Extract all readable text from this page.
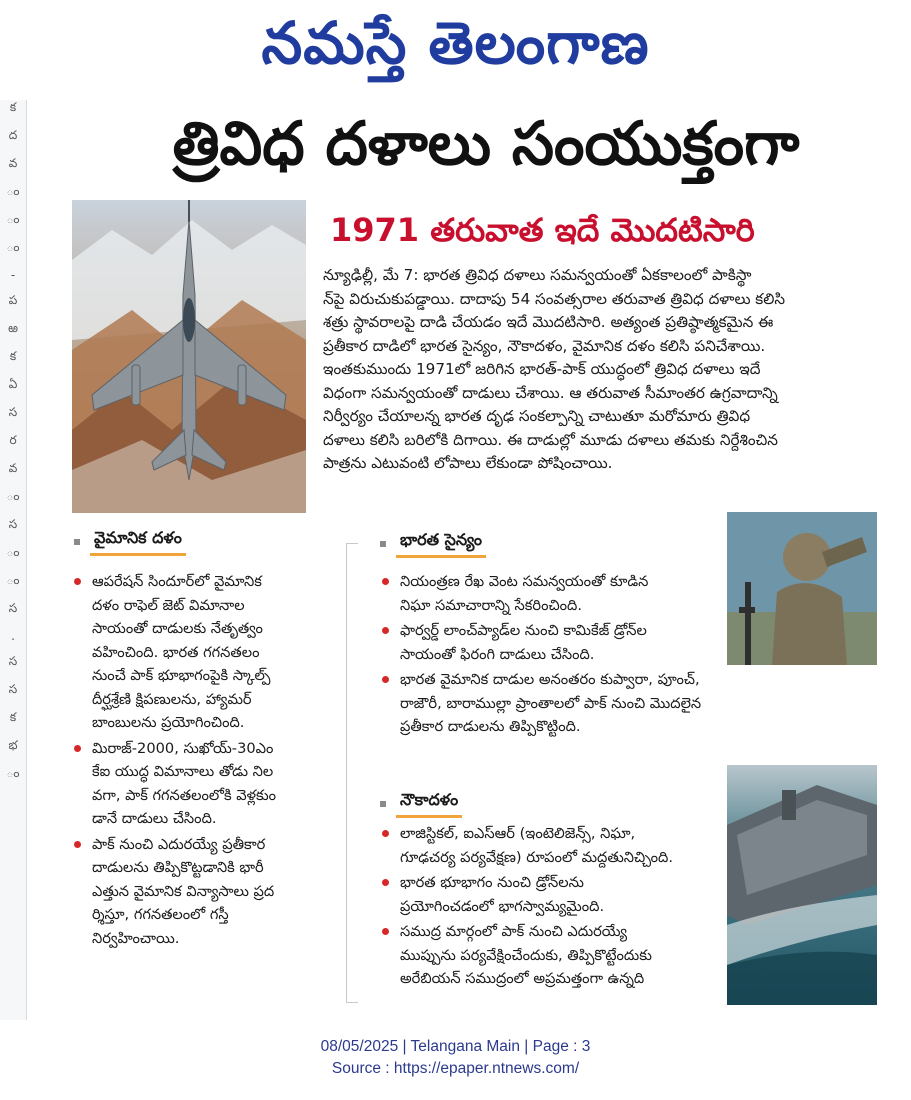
నమస్తే తెలంగాణ
క
ద
వ
ం
ం
ం
-
ప
ఱ
క
ఏ
స
ర
వ
ం
స
ం
ం
స
.
స
స
క
భ
ం
త్రివిధ దళాలు సంయుక్తంగా
1971 తరువాత ఇదే మొదటిసారి
న్యూఢిల్లీ, మే 7: భారత త్రివిధ దళాలు సమన్వయంతో ఏకకాలంలో పాకిస్థా
న్‌పై విరుచుకుపడ్డాయి. దాదాపు 54 సంవత్సరాల తరువాత త్రివిధ దళాలు కలిసి
శత్రు స్థావరాలపై దాడి చేయడం ఇదే మొదటిసారి. అత్యంత ప్రతిష్ఠాత్మకమైన ఈ
ప్రతీకార దాడిలో భారత సైన్యం, నౌకాదళం, వైమానిక దళం కలిసి పనిచేశాయి.
ఇంతకుముందు 1971లో జరిగిన భారత్‌-పాక్‌ యుద్ధంలో త్రివిధ దళాలు ఇదే
విధంగా సమన్వయంతో దాడులు చేశాయి. ఆ తరువాత సీమాంతర ఉగ్రవాదాన్ని
నిర్వీర్యం చేయాలన్న భారత దృఢ సంకల్పాన్ని చాటుతూ మరోమారు త్రివిధ
దళాలు కలిసి బరిలోకి దిగాయి. ఈ దాడుల్లో మూడు దళాలు తమకు నిర్దేశించిన
పాత్రను ఎటువంటి లోపాలు లేకుండా పోషించాయి.
వైమానిక దళం
ఆపరేషన్‌ సిందూర్‌లో వైమానిక
దళం రాఫెల్‌ జెట్‌ విమానాల
సాయంతో దాడులకు నేతృత్వం
వహించింది. భారత గగనతలం
నుంచే పాక్‌ భూభాగంపైకి స్కాల్ప్‌
దీర్ఘశ్రేణి క్షిపణులను, హ్యామర్‌
బాంబులను ప్రయోగించింది.
మిరాజ్‌-2000, సుఖోయ్‌-30ఎం
కేఐ యుద్ధ విమానాలు తోడు నిల
వగా, పాక్‌ గగనతలంలోకి వెళ్లకుం
డానే దాడులు చేసింది.
పాక్‌ నుంచి ఎదురయ్యే ప్రతీకార
దాడులను తిప్పికొట్టడానికి భారీ
ఎత్తున వైమానిక విన్యాసాలు ప్రద
ర్శిస్తూ, గగనతలంలో గస్తీ
నిర్వహించాయి.
భారత సైన్యం
నియంత్రణ రేఖ వెంట సమన్వయంతో కూడిన
నిఘా సమాచారాన్ని సేకరించింది.
ఫార్వర్డ్‌ లాంచ్‌ప్యాడ్‌ల నుంచి కామికేజ్‌ డ్రోన్‌ల
సాయంతో ఫిరంగి దాడులు చేసింది.
భారత వైమానిక దాడుల అనంతరం కుప్వారా, పూంచ్‌,
రాజౌరీ, బారాముల్లా ప్రాంతాలలో పాక్‌ నుంచి మొదలైన
ప్రతీకార దాడులను తిప్పికొట్టింది.
నౌకాదళం
లాజిస్టికల్‌, ఐఎస్‌ఆర్‌ (ఇంటెలిజెన్స్‌, నిఘా,
గూఢచర్య పర్యవేక్షణ) రూపంలో మద్దతునిచ్చింది.
భారత భూభాగం నుంచి డ్రోన్‌లను
ప్రయోగించడంలో భాగస్వామ్యమైంది.
సముద్ర మార్గంలో పాక్‌ నుంచి ఎదురయ్యే
ముప్పును పర్యవేక్షించేందుకు, తిప్పికొట్టేందుకు
అరేబియన్‌ సముద్రంలో అప్రమత్తంగా ఉన్నది
08/05/2025 | Telangana Main | Page : 3
Source : https://epaper.ntnews.com/
